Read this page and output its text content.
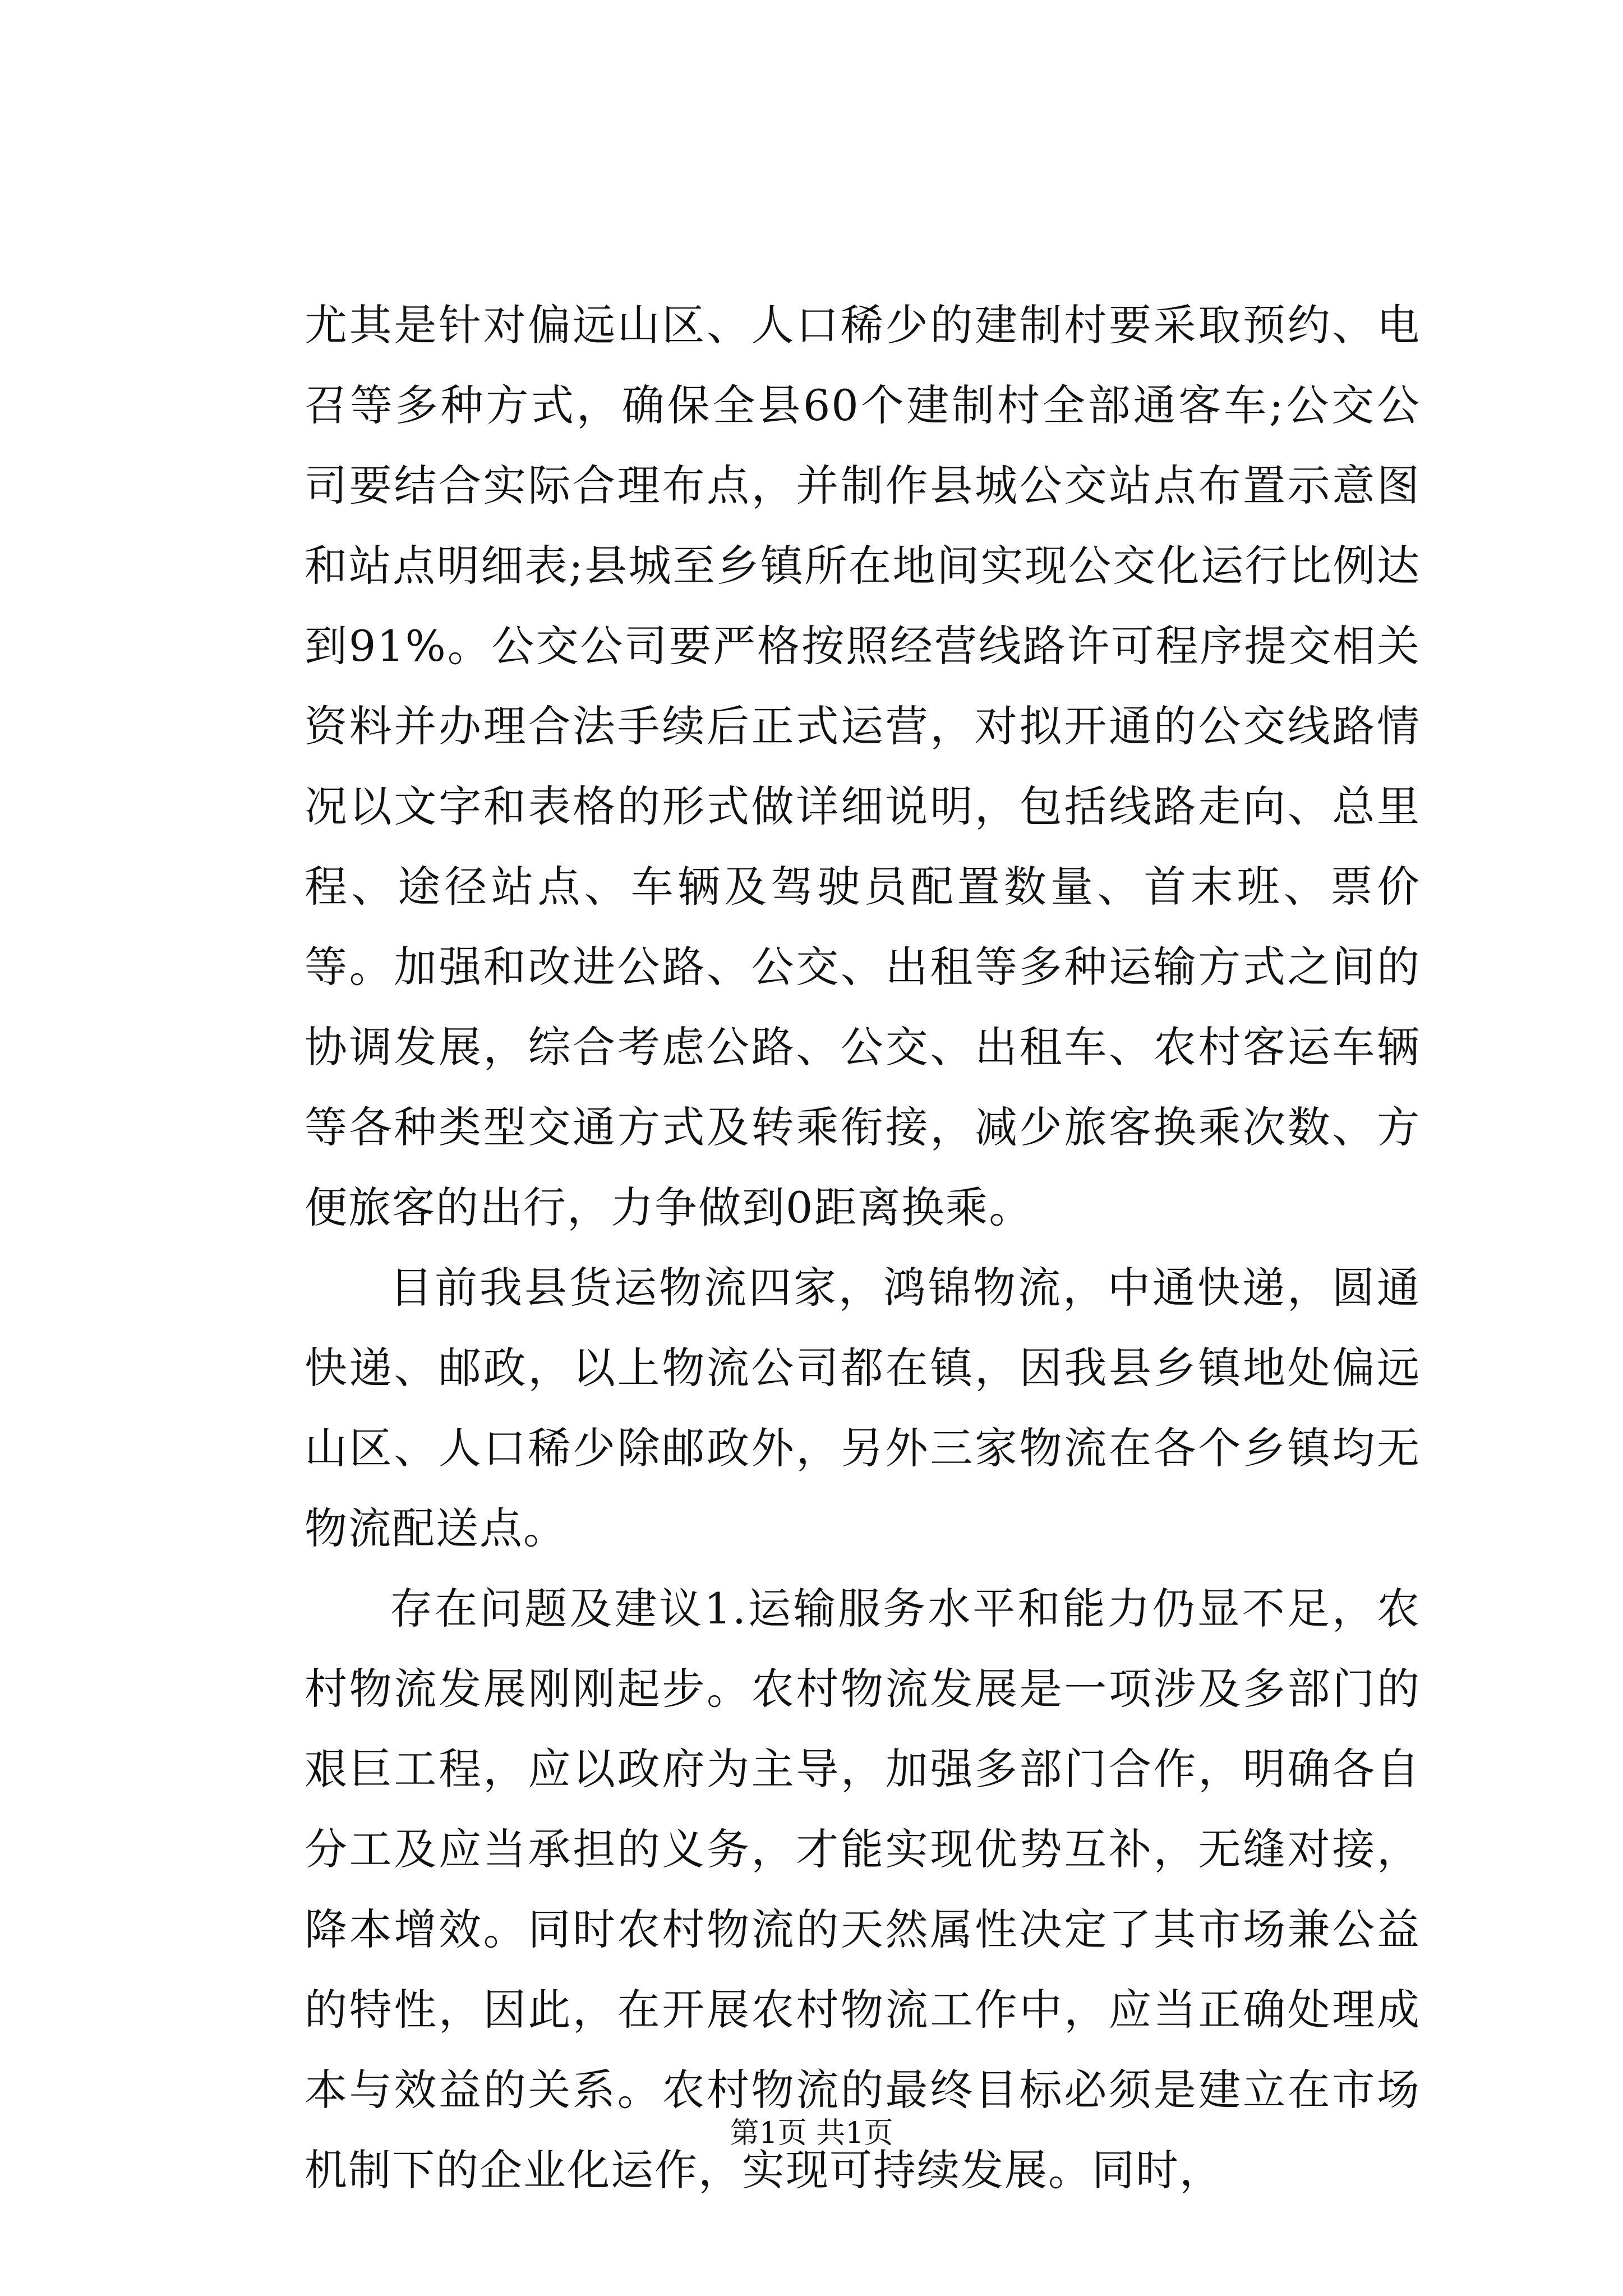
尤其是针对偏远山区、人口稀少的建制村要采取预约、电召等多种方式，确保全县60个建制村全部通客车;公交公司要结合实际合理布点，并制作县城公交站点布置示意图和站点明细表;县城至乡镇所在地间实现公交化运行比例达到91%。公交公司要严格按照经营线路许可程序提交相关资料并办理合法手续后正式运营，对拟开通的公交线路情况以文字和表格的形式做详细说明，包括线路走向、总里程、途径站点、车辆及驾驶员配置数量、首末班、票价等。加强和改进公路、公交、出租等多种运输方式之间的协调发展，综合考虑公路、公交、出租车、农村客运车辆等各种类型交通方式及转乘衔接，减少旅客换乘次数、方便旅客的出行，力争做到0距离换乘。

目前我县货运物流四家，鸿锦物流，中通快递，圆通快递、邮政，以上物流公司都在镇，因我县乡镇地处偏远山区、人口稀少除邮政外，另外三家物流在各个乡镇均无物流配送点。

存在问题及建议1.运输服务水平和能力仍显不足，农村物流发展刚刚起步。农村物流发展是一项涉及多部门的艰巨工程，应以政府为主导，加强多部门合作，明确各自分工及应当承担的义务，才能实现优势互补，无缝对接，降本增效。同时农村物流的天然属性决定了其市场兼公益的特性，因此，在开展农村物流工作中，应当正确处理成本与效益的关系。农村物流的最终目标必须是建立在市场机制下的企业化运作，实现可持续发展。同时，

第1页 共1页
